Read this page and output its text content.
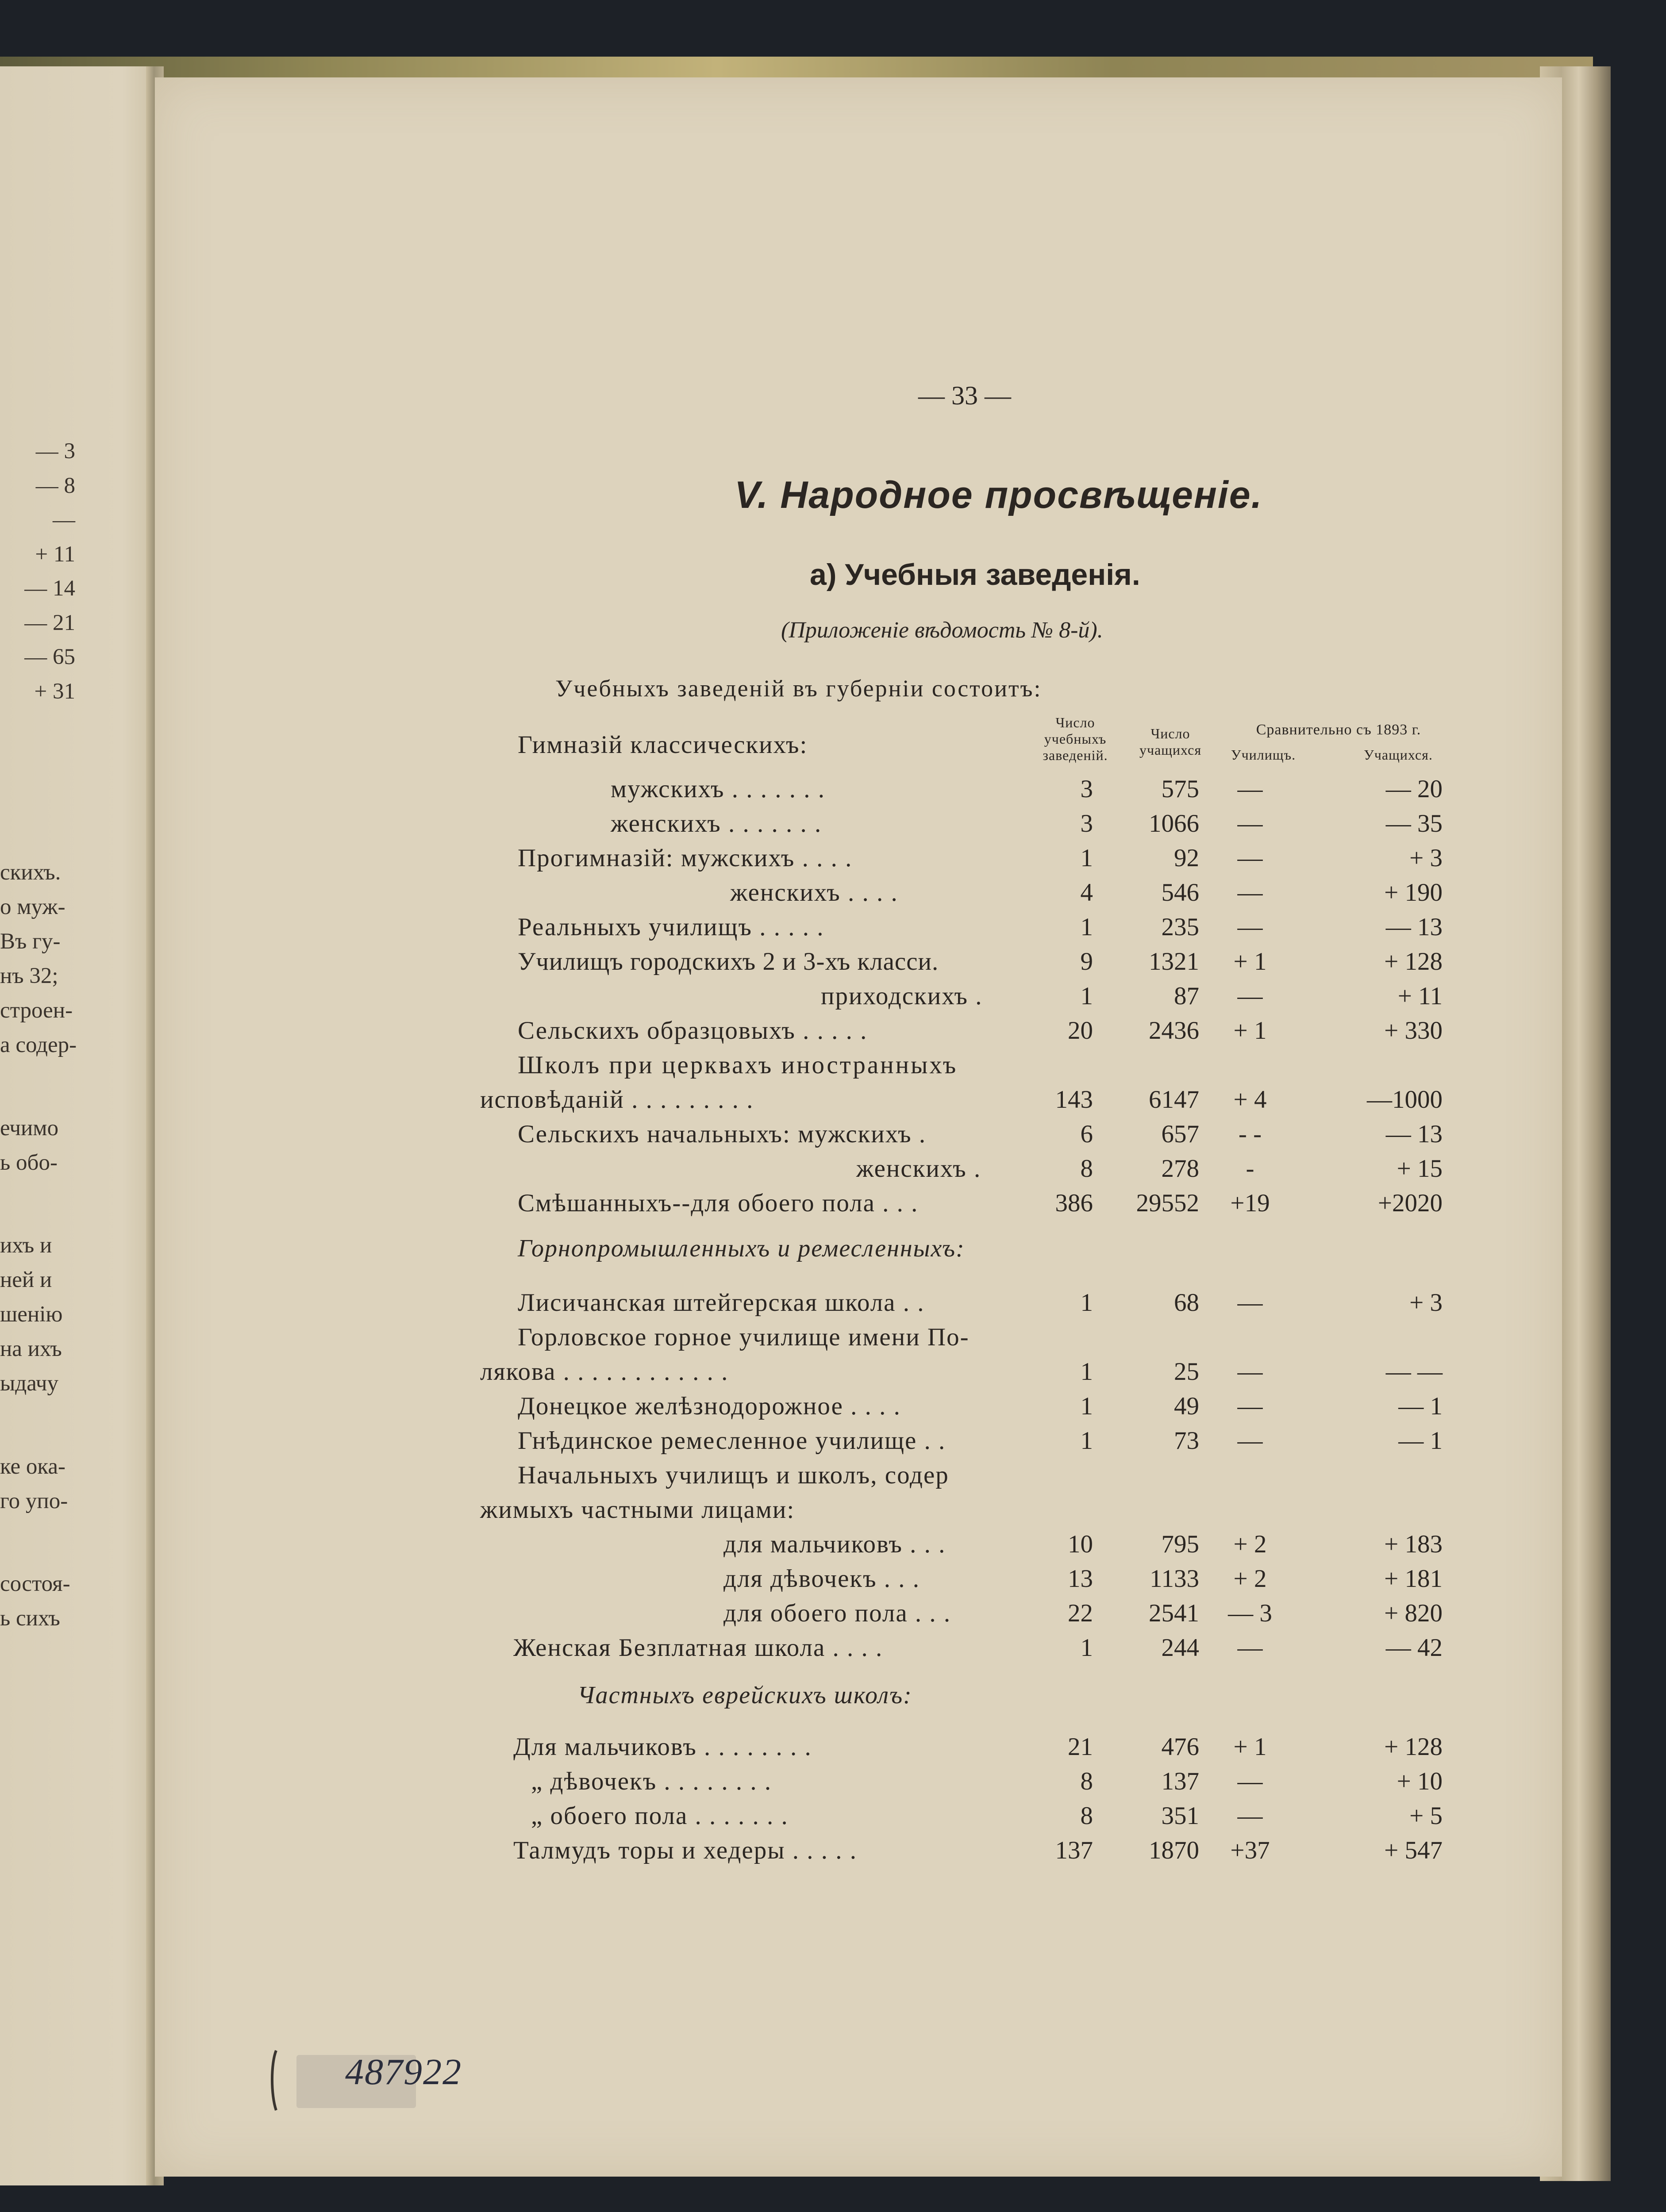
— 3
— 8
—
+ 11
— 14
— 21
— 65
+ 31
скихъ.
о муж-
Въ гу-
нъ 32;
строен-
а содер-
ечимо
ь обо-
ихъ и
ней и
шенію
на ихъ
ыдачу
ке ока-
го упо-
состоя-
ь сихъ
— 33 —
V. Народное просвѣщеніе.
а) Учебныя заведенія.
(Приложеніе вѣдомость № 8-й).
Учебныхъ заведеній въ губерніи состоитъ:
Число
учебныхъ
заведеній.
Число
учащихся
Сравнительно съ 1893 г.
Училищъ.	Учащихся.
Гимназій классическихъ:
мужскихъ . . . . . . .	3	575	—	— 20
женскихъ . . . . . . .	3	1066	—	— 35
Прогимназій: мужскихъ . . . .	1	92	—	+ 3
женскихъ . . . .	4	546	—	+ 190
Реальныхъ училищъ . . . . .	1	235	—	— 13
Училищъ городскихъ 2 и 3-хъ класси.	9	1321	+ 1	+ 128
приходскихъ .	1	87	—	+ 11
Сельскихъ образцовыхъ . . . . .	20	2436	+ 1	+ 330
Школъ при церквахъ иностранныхъ
исповѣданій . . . . . . . . .	143	6147	+ 4	—1000
Сельскихъ начальныхъ: мужскихъ .	6	657	- -	— 13
женскихъ .	8	278	-	+ 15
Смѣшанныхъ--для обоего пола . . .	386	29552	+19	+2020
Горнопромышленныхъ и ремесленныхъ:
Лисичанская штейгерская школа . .	1	68	—	+ 3
Горловское горное училище имени По-
лякова . . . . . . . . . . . .	1	25	—	— —
Донецкое желѣзнодорожное . . . .	1	49	—	— 1
Гнѣдинское ремесленное училище . .	1	73	—	— 1
Начальныхъ училищъ и школъ, содер
жимыхъ частными лицами:
для мальчиковъ . . .	10	795	+ 2	+ 183
для дѣвочекъ . . .	13	1133	+ 2	+ 181
для обоего пола . . .	22	2541	— 3	+ 820
Женская Безплатная школа . . . .	1	244	—	— 42
Частныхъ еврейскихъ школъ:
Для мальчиковъ . . . . . . . .	21	476	+ 1	+ 128
„ дѣвочекъ . . . . . . . .	8	137	—	+ 10
„ обоего пола . . . . . . .	8	351	—	+ 5
Талмудъ торы и хедеры . . . . .	137	1870	+37	+ 547
487922
